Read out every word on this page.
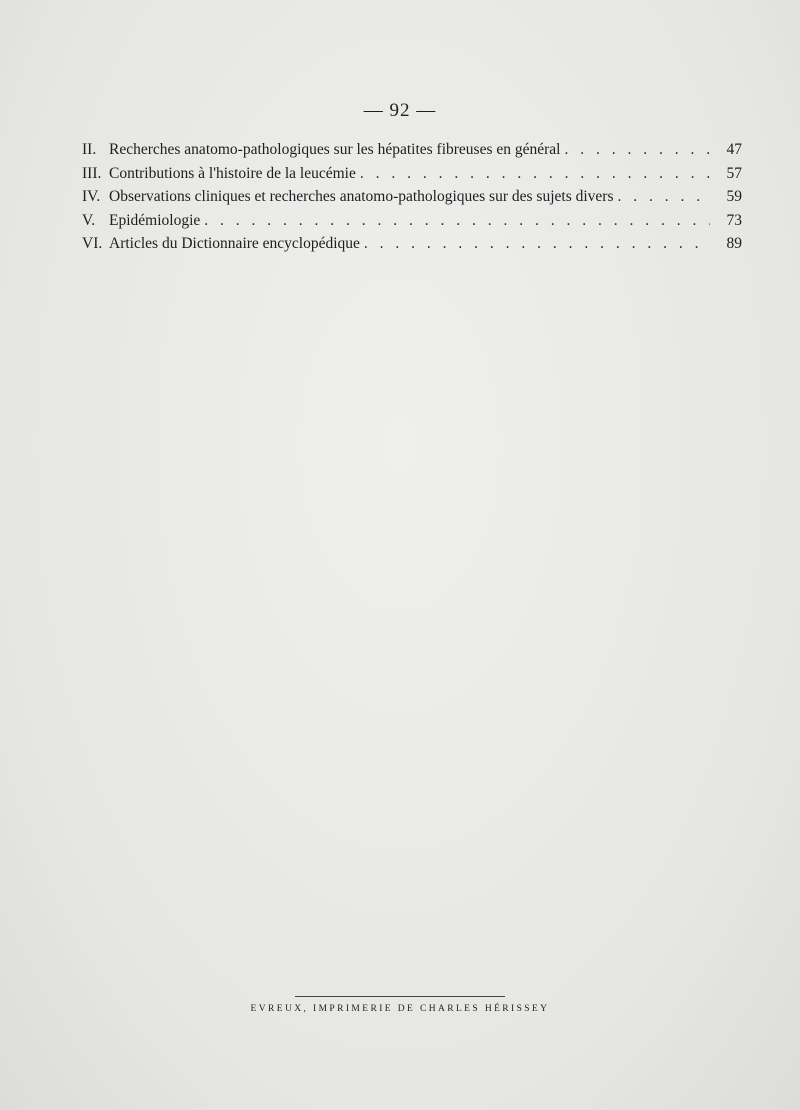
— 92 —
II. Recherches anatomo-pathologiques sur les hépatites fibreuses en général . . .	47
III. Contributions à l'histoire de la leucémie . . .	57
IV. Observations cliniques et recherches anatomo-pathologiques sur des sujets divers . . .	59
V. Epidémiologie . . .	73
VI. Articles du Dictionnaire encyclopédique . . .	89
EVREUX, IMPRIMERIE DE CHARLES HÉRISSEY
